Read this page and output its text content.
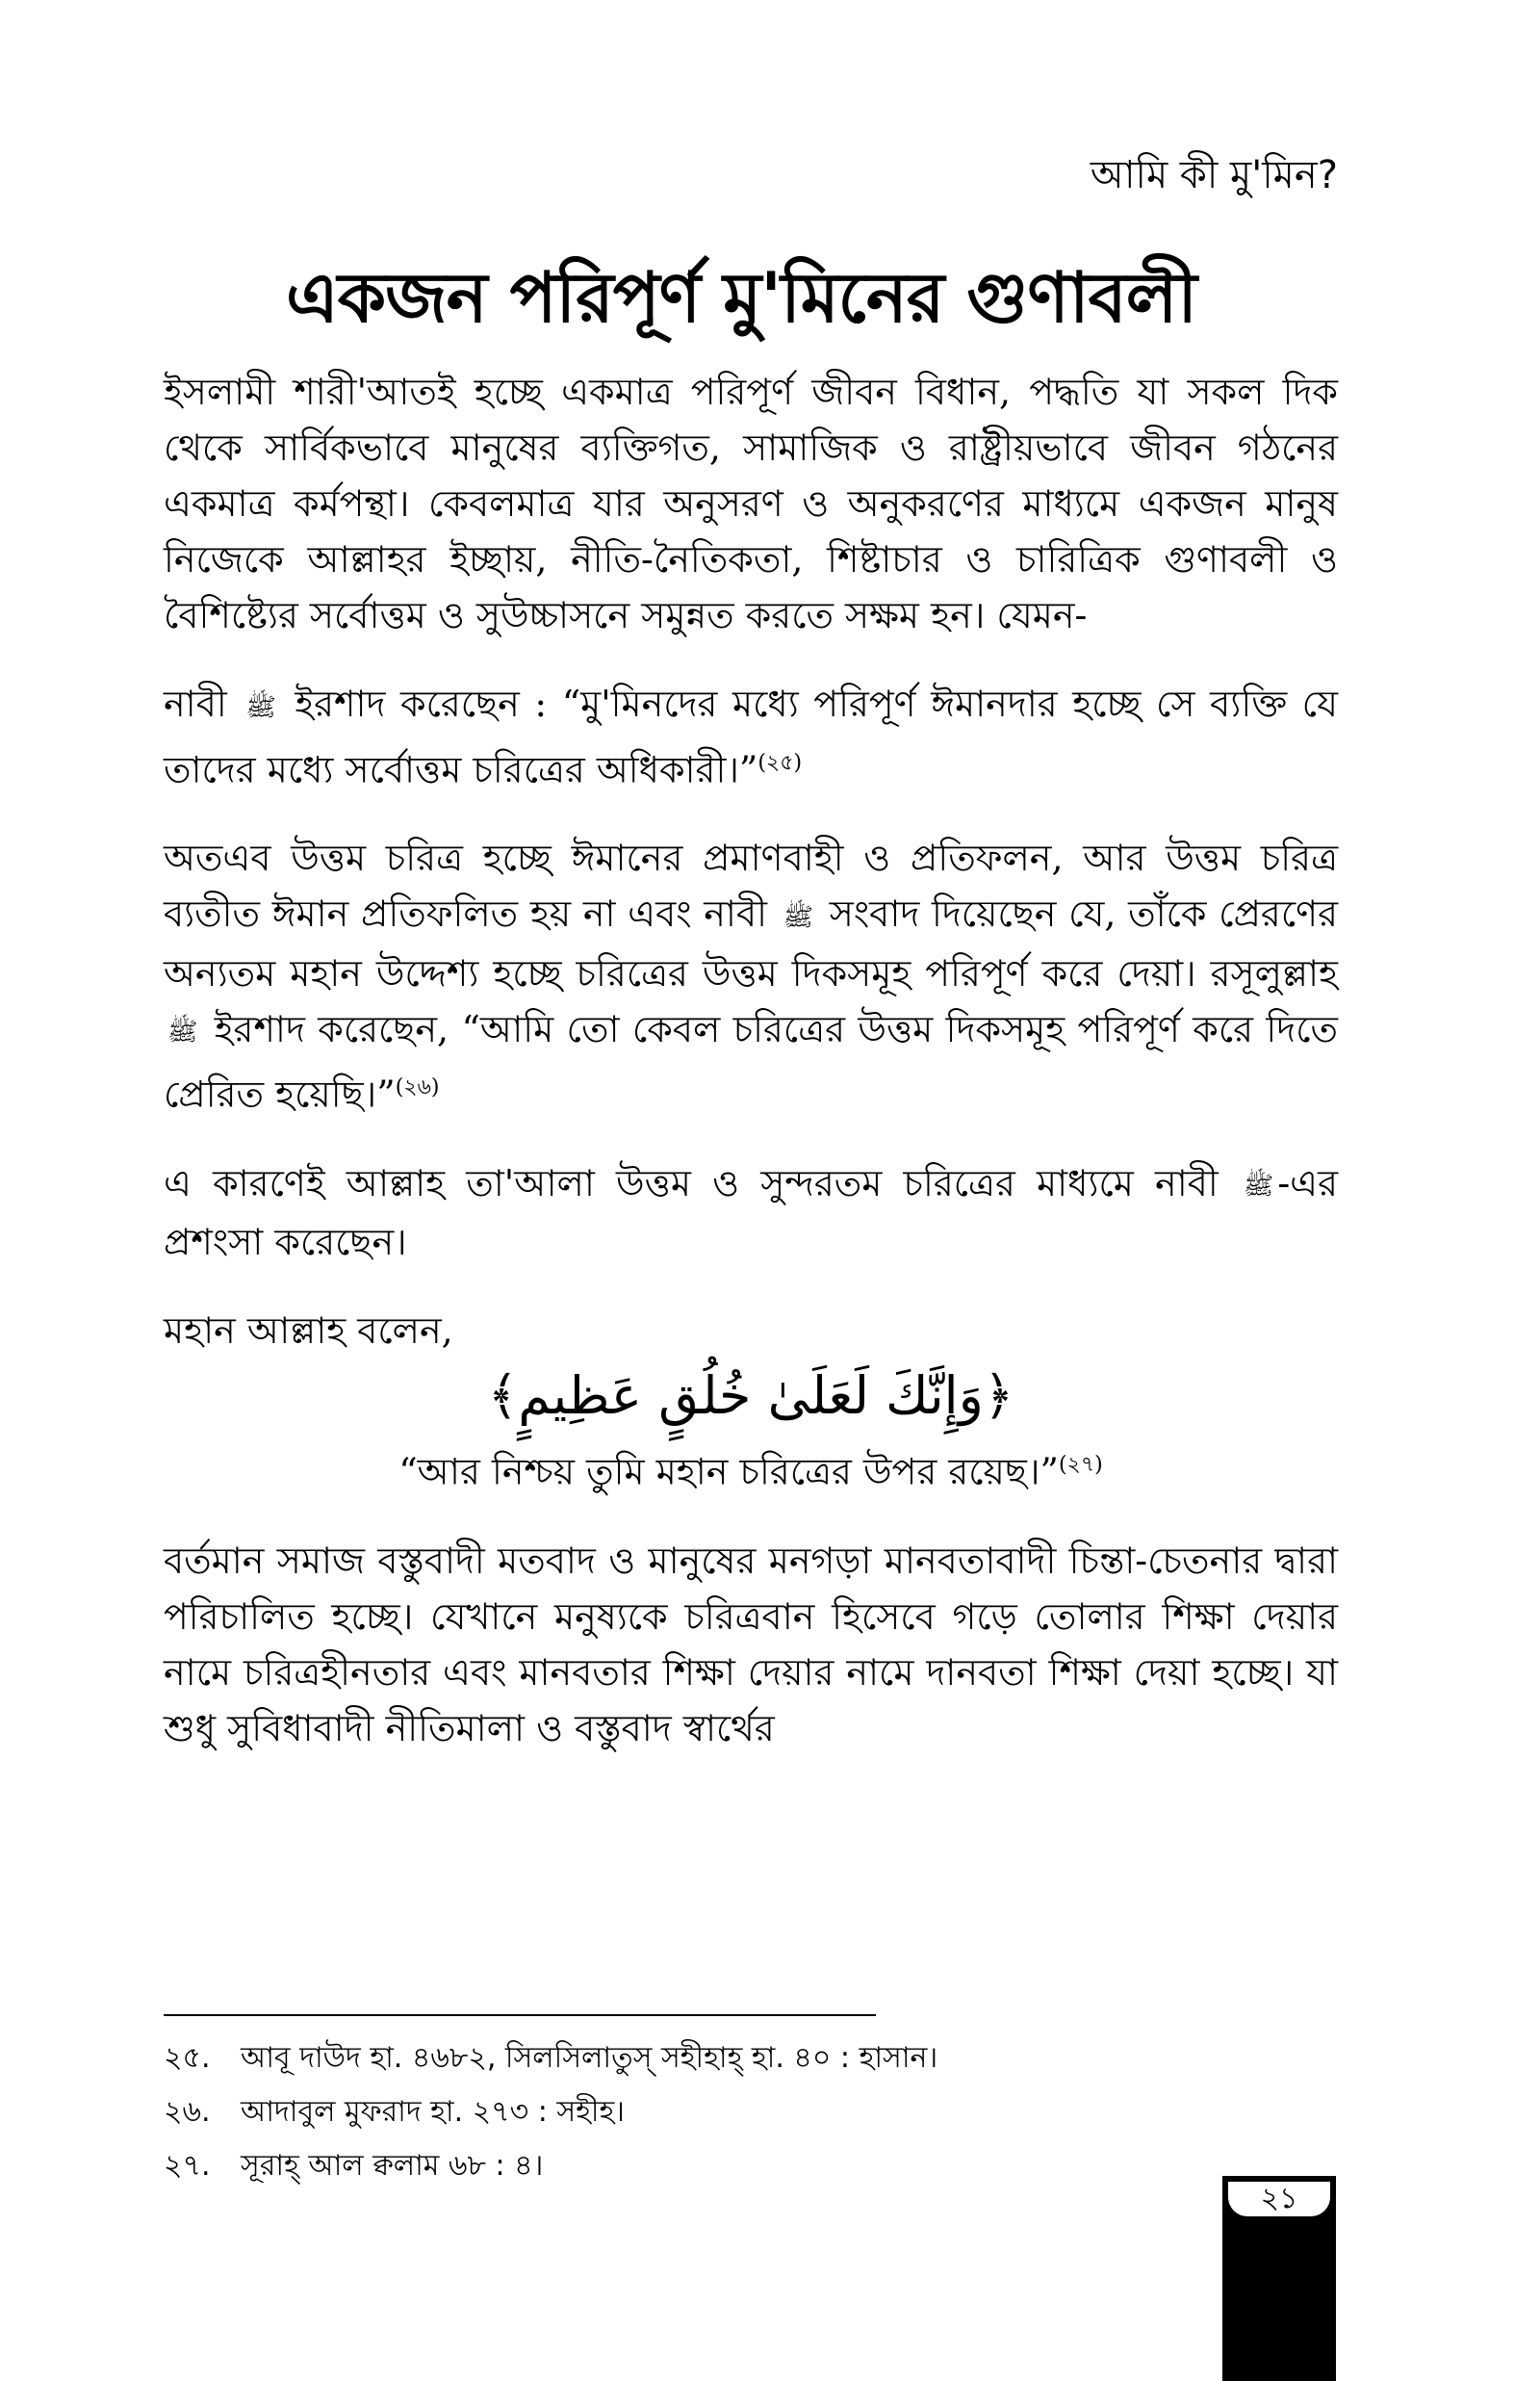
আমি কী মু'মিন?
একজন পরিপূর্ণ মু'মিনের গুণাবলী

ইসলামী শারী'আতই হচ্ছে একমাত্র পরিপূর্ণ জীবন বিধান, পদ্ধতি যা সকল দিক থেকে সার্বিকভাবে মানুষের ব্যক্তিগত, সামাজিক ও রাষ্ট্রীয়ভাবে জীবন গঠনের একমাত্র কর্মপন্থা। কেবলমাত্র যার অনুসরণ ও অনুকরণের মাধ্যমে একজন মানুষ নিজেকে আল্লাহর ইচ্ছায়, নীতি-নৈতিকতা, শিষ্টাচার ও চারিত্রিক গুণাবলী ও বৈশিষ্ট্যের সর্বোত্তম ও সুউচ্চাসনে সমুন্নত করতে সক্ষম হন। যেমন-

নাবী ﷺ ইরশাদ করেছেন : “মু'মিনদের মধ্যে পরিপূর্ণ ঈমানদার হচ্ছে সে ব্যক্তি যে তাদের মধ্যে সর্বোত্তম চরিত্রের অধিকারী।”$^{(২৫)}$

অতএব উত্তম চরিত্র হচ্ছে ঈমানের প্রমাণবাহী ও প্রতিফলন, আর উত্তম চরিত্র ব্যতীত ঈমান প্রতিফলিত হয় না এবং নাবী ﷺ সংবাদ দিয়েছেন যে, তাঁকে প্রেরণের অন্যতম মহান উদ্দেশ্য হচ্ছে চরিত্রের উত্তম দিকসমূহ পরিপূর্ণ করে দেয়া। রসূলুল্লাহ ﷺ ইরশাদ করেছেন, “আমি তো কেবল চরিত্রের উত্তম দিকসমূহ পরিপূর্ণ করে দিতে প্রেরিত হয়েছি।”$^{(২৬)}$

এ কারণেই আল্লাহ তা'আলা উত্তম ও সুন্দরতম চরিত্রের মাধ্যমে নাবী ﷺ -এর প্রশংসা করেছেন।

মহান আল্লাহ বলেন,

﴿وَإِنَّكَ لَعَلَىٰ خُلُقٍ عَظِيمٍ﴾

“আর নিশ্চয় তুমি মহান চরিত্রের উপর রয়েছ।”$^{(২৭)}$

বর্তমান সমাজ বস্তুবাদী মতবাদ ও মানুষের মনগড়া মানবতাবাদী চিন্তা-চেতনার দ্বারা পরিচালিত হচ্ছে। যেখানে মনুষ্যকে চরিত্রবান হিসেবে গড়ে তোলার শিক্ষা দেয়ার নামে চরিত্রহীনতার এবং মানবতার শিক্ষা দেয়ার নামে দানবতা শিক্ষা দেয়া হচ্ছে। যা শুধু সুবিধাবাদী নীতিমালা ও বস্তুবাদ স্বার্থের

২৫. আবূ দাউদ হা. ৪৬৮২, সিলসিলাতুস্ সহীহাহ্ হা. ৪০ : হাসান।
২৬. আদাবুল মুফরাদ হা. ২৭৩ : সহীহ।
২৭. সূরাহ্ আল ক্বলাম ৬৮ : ৪।
২১
